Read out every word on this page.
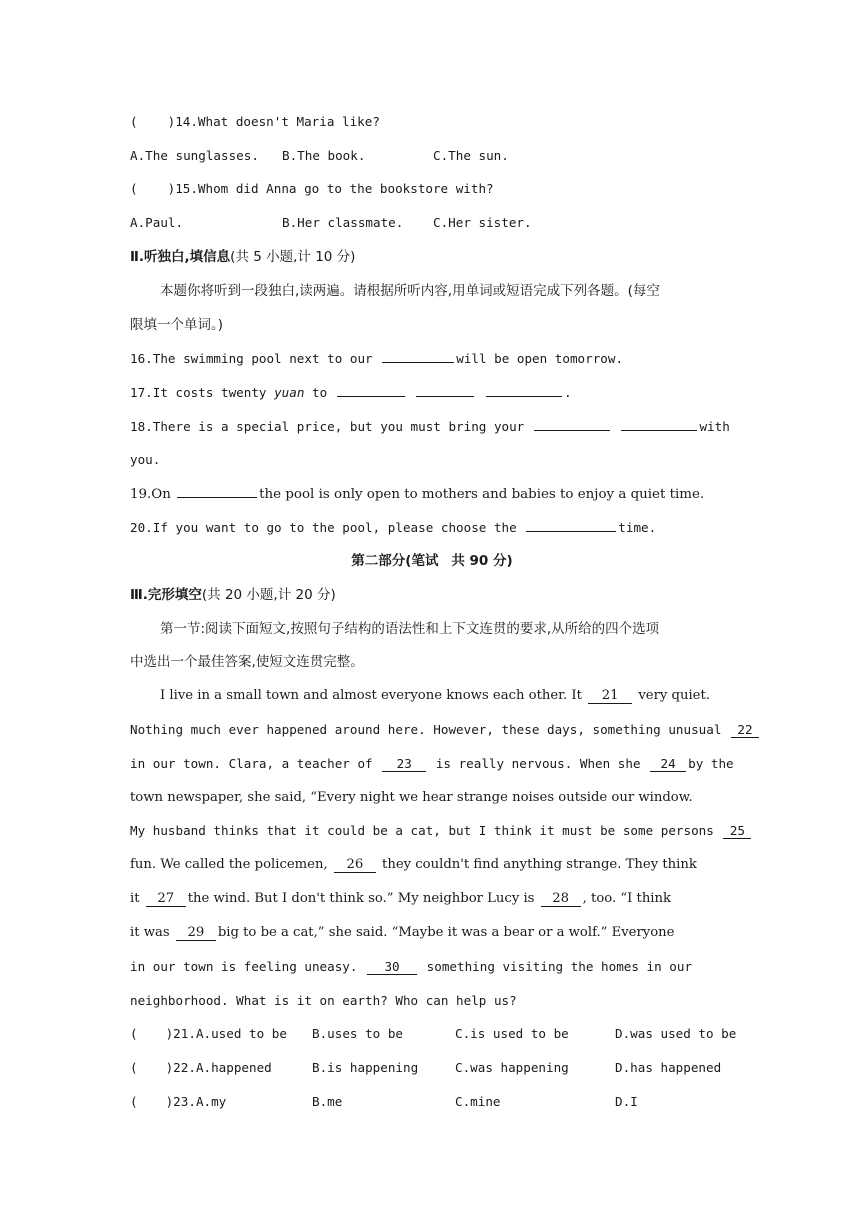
( )14.What doesn't Maria like?
A.The sunglasses. B.The book.	C.The sun.
( )15.Whom did Anna go to the bookstore with?
A.Paul.	B.Her classmate. C.Her sister.
Ⅱ.听独白,填信息(共 5 小题,计 10 分)
本题你将听到一段独白,读两遍。请根据所听内容,用单词或短语完成下列各题。(每空
限填一个单词。)
16.The swimming pool next to our	will be open tomorrow.
17.It costs twenty yuan to	.
18.There is a special price, but you must bring your	with
you.
19.On	the pool is only open to mothers and babies to enjoy a quiet time.
20.If you want to go to the pool, please choose the	time.
第二部分(笔试 共 90 分)
Ⅲ.完形填空(共 20 小题,计 20 分)
第一节:阅读下面短文,按照句子结构的语法性和上下文连贯的要求,从所给的四个选项
中选出一个最佳答案,使短文连贯完整。
I live in a small town and almost everyone knows each other. It 21 very quiet.
Nothing much ever happened around here. However, these days, something unusual 22
in our town. Clara, a teacher of 23 is really nervous. When she 24 by the
town newspaper, she said, “Every night we hear strange noises outside our window.
My husband thinks that it could be a cat, but I think it must be some persons 25
fun. We called the policemen, 26 they couldn't find anything strange. They think
it 27 the wind. But I don't think so.” My neighbor Lucy is 28 , too. “I think
it was 29 big to be a cat,” she said. “Maybe it was a bear or a wolf.” Everyone
in our town is feeling uneasy. 30 something visiting the homes in our
neighborhood. What is it on earth? Who can help us?
( )21.A.used to be B.uses to be	C.is used to be	D.was used to be
( )22.A.happened	B.is happening	C.was happening	D.has happened
( )23.A.my	B.me	C.mine	D.I
